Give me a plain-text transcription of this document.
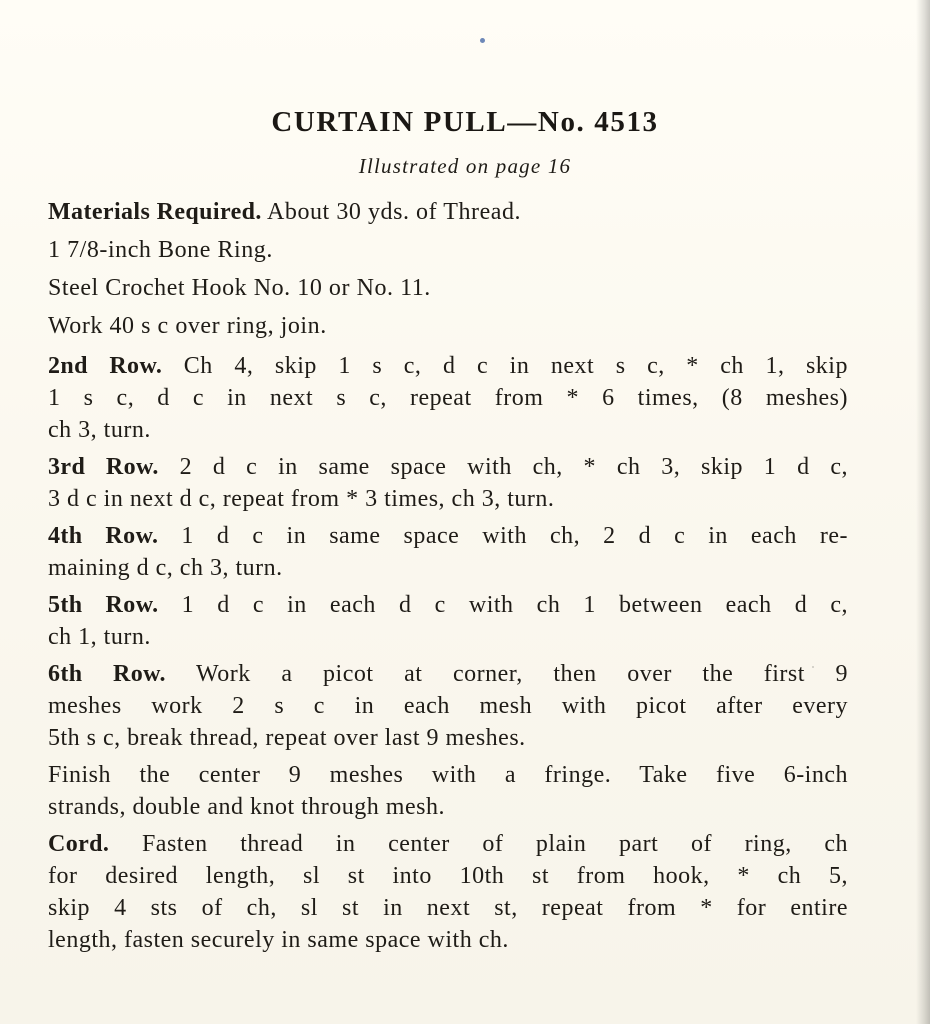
CURTAIN PULL—No. 4513
Illustrated on page 16
Materials Required. About 30 yds. of Thread.
1 7/8-inch Bone Ring.
Steel Crochet Hook No. 10 or No. 11.
Work 40 s c over ring, join.
2nd Row. Ch 4, skip 1 s c, d c in next s c, * ch 1, skip
1 s c, d c in next s c, repeat from * 6 times, (8 meshes)
ch 3, turn.
3rd Row. 2 d c in same space with ch, * ch 3, skip 1 d c,
3 d c in next d c, repeat from * 3 times, ch 3, turn.
4th Row. 1 d c in same space with ch, 2 d c in each re-
maining d c, ch 3, turn.
5th Row. 1 d c in each d c with ch 1 between each d c,
ch 1, turn.
6th Row. Work a picot at corner, then over the first 9
meshes work 2 s c in each mesh with picot after every
5th s c, break thread, repeat over last 9 meshes.
Finish the center 9 meshes with a fringe. Take five 6-inch
strands, double and knot through mesh.
Cord. Fasten thread in center of plain part of ring, ch
for desired length, sl st into 10th st from hook, * ch 5,
skip 4 sts of ch, sl st in next st, repeat from * for entire
length, fasten securely in same space with ch.
